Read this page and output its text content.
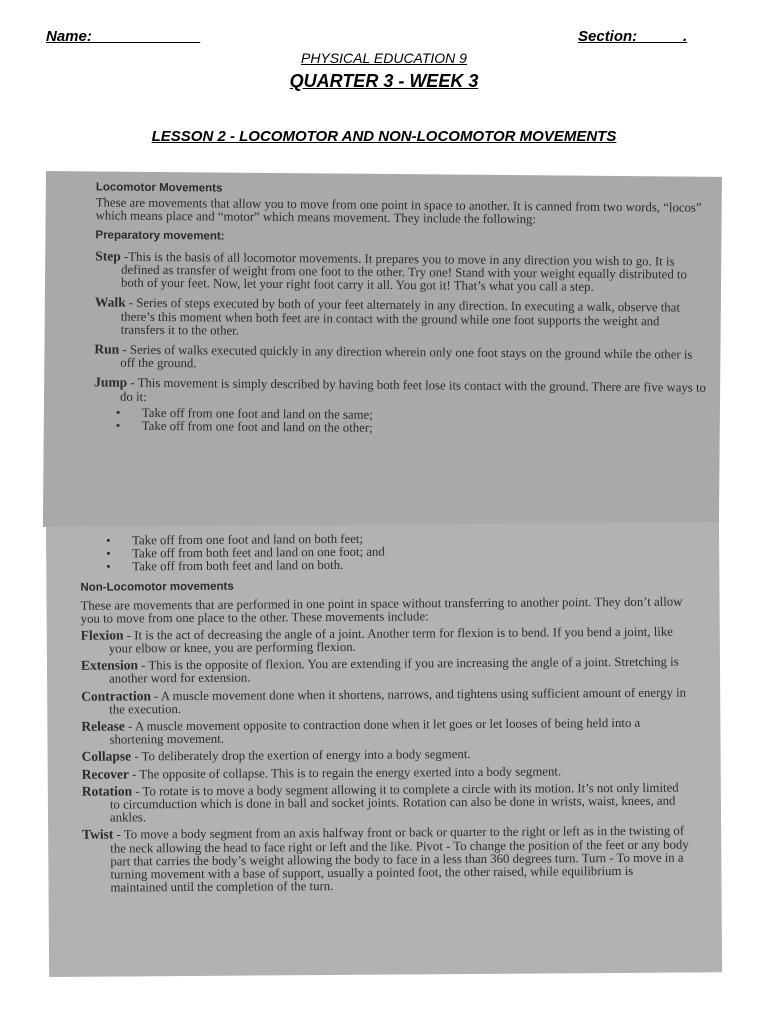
Name:	Section:           .
PHYSICAL EDUCATION 9
QUARTER 3 - WEEK 3
LESSON 2 - LOCOMOTOR AND NON-LOCOMOTOR MOVEMENTS
Locomotor Movements
These are movements that allow you to move from one point in space to another. It is canned from two words, “locos” which means place and “motor” which means movement. They include the following:
Preparatory movement:
Step -This is the basis of all locomotor movements. It prepares you to move in any direction you wish to go. It is defined as transfer of weight from one foot to the other. Try one! Stand with your weight equally distributed to both of your feet. Now, let your right foot carry it all. You got it! That’s what you call a step.
Walk - Series of steps executed by both of your feet alternately in any direction. In executing a walk, observe that there’s this moment when both feet are in contact with the ground while one foot supports the weight and transfers it to the other.
Run - Series of walks executed quickly in any direction wherein only one foot stays on the ground while the other is off the ground.
Jump - This movement is simply described by having both feet lose its contact with the ground. There are five ways to do it:
• Take off from one foot and land on the same;
• Take off from one foot and land on the other;
• Take off from one foot and land on both feet;
• Take off from both feet and land on one foot; and
• Take off from both feet and land on both.
Non-Locomotor movements
These are movements that are performed in one point in space without transferring to another point. They don’t allow you to move from one place to the other. These movements include:
Flexion - It is the act of decreasing the angle of a joint. Another term for flexion is to bend. If you bend a joint, like your elbow or knee, you are performing flexion.
Extension - This is the opposite of flexion. You are extending if you are increasing the angle of a joint. Stretching is another word for extension.
Contraction - A muscle movement done when it shortens, narrows, and tightens using sufficient amount of energy in the execution.
Release - A muscle movement opposite to contraction done when it let goes or let looses of being held into a shortening movement.
Collapse - To deliberately drop the exertion of energy into a body segment.
Recover - The opposite of collapse. This is to regain the energy exerted into a body segment.
Rotation - To rotate is to move a body segment allowing it to complete a circle with its motion. It’s not only limited to circumduction which is done in ball and socket joints. Rotation can also be done in wrists, waist, knees, and ankles.
Twist - To move a body segment from an axis halfway front or back or quarter to the right or left as in the twisting of the neck allowing the head to face right or left and the like. Pivot - To change the position of the feet or any body part that carries the body’s weight allowing the body to face in a less than 360 degrees turn. Turn - To move in a turning movement with a base of support, usually a pointed foot, the other raised, while equilibrium is maintained until the completion of the turn.
